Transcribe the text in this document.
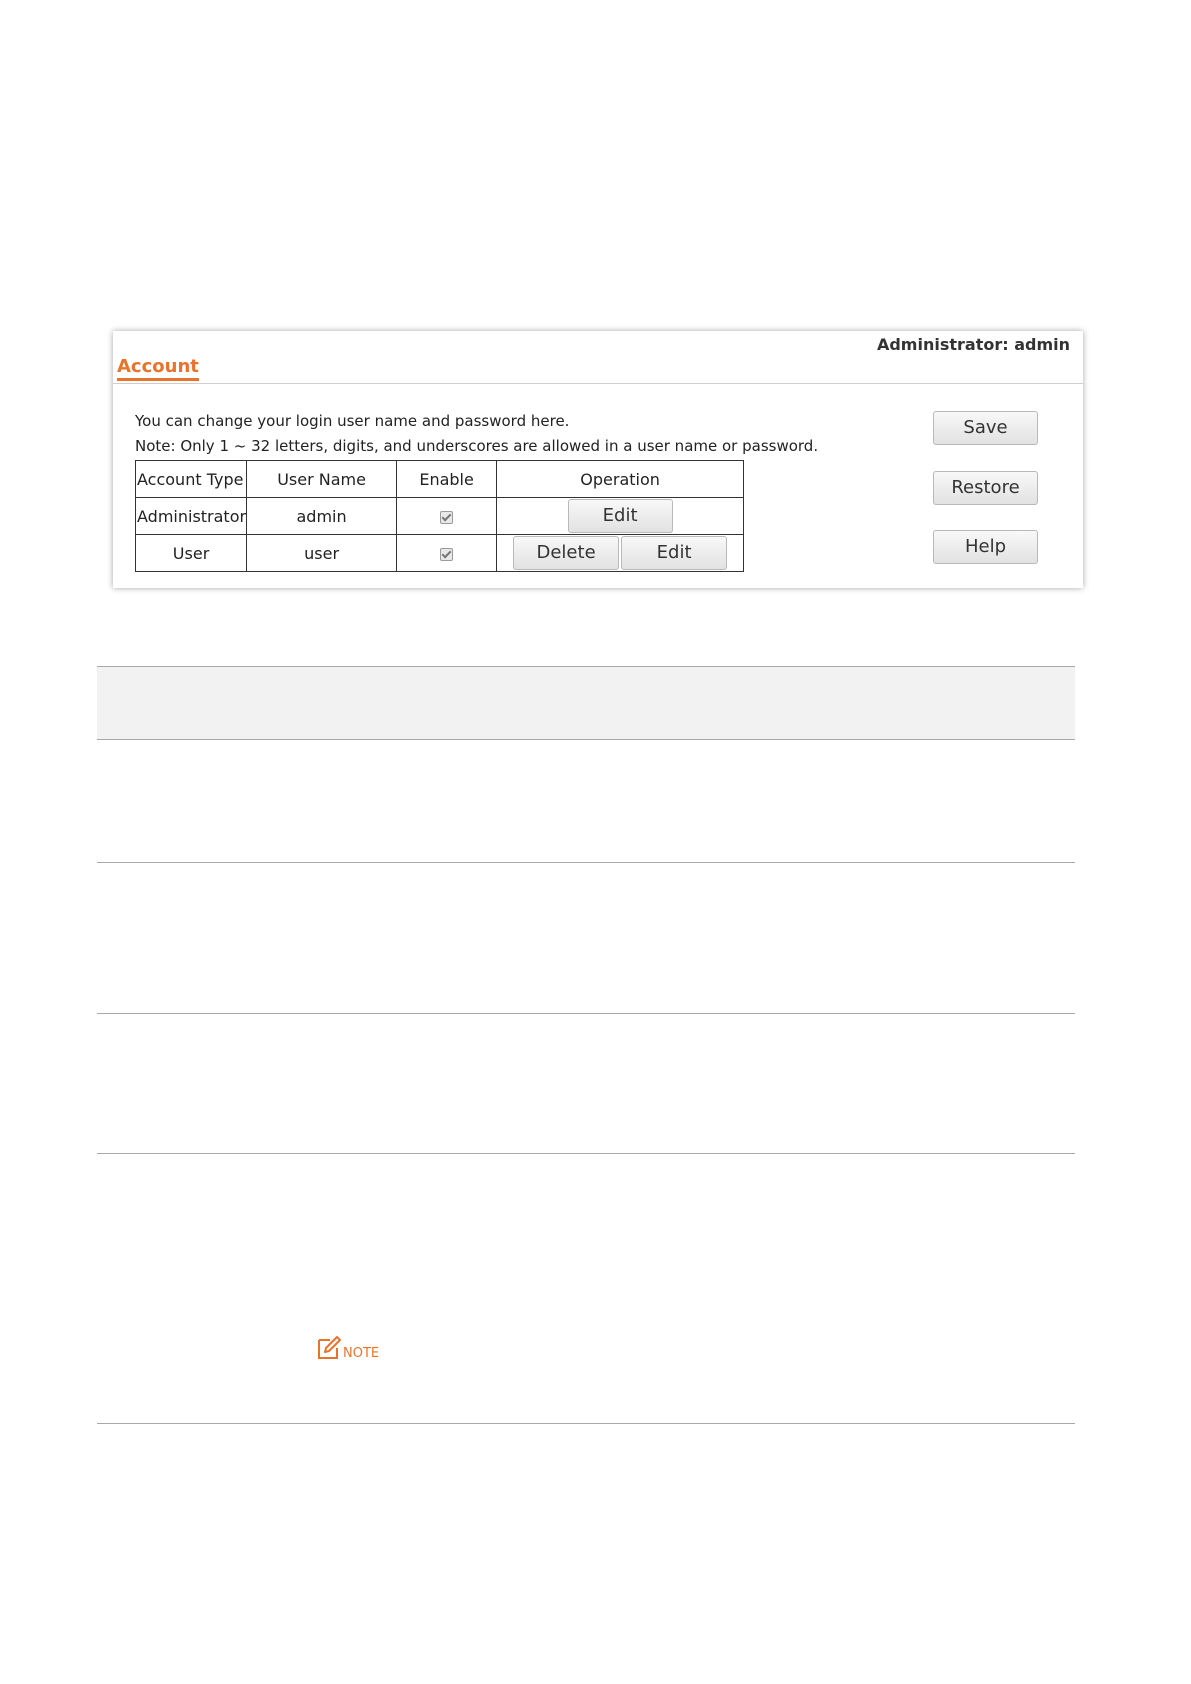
Administrator: admin
Account
You can change your login user name and password here.
Note: Only 1 ~ 32 letters, digits, and underscores are allowed in a user name or password.
Account Type	User Name	Enable	Operation
Administrator	admin		Edit
User	user		Delete Edit
Save
Restore
Help
NOTE
